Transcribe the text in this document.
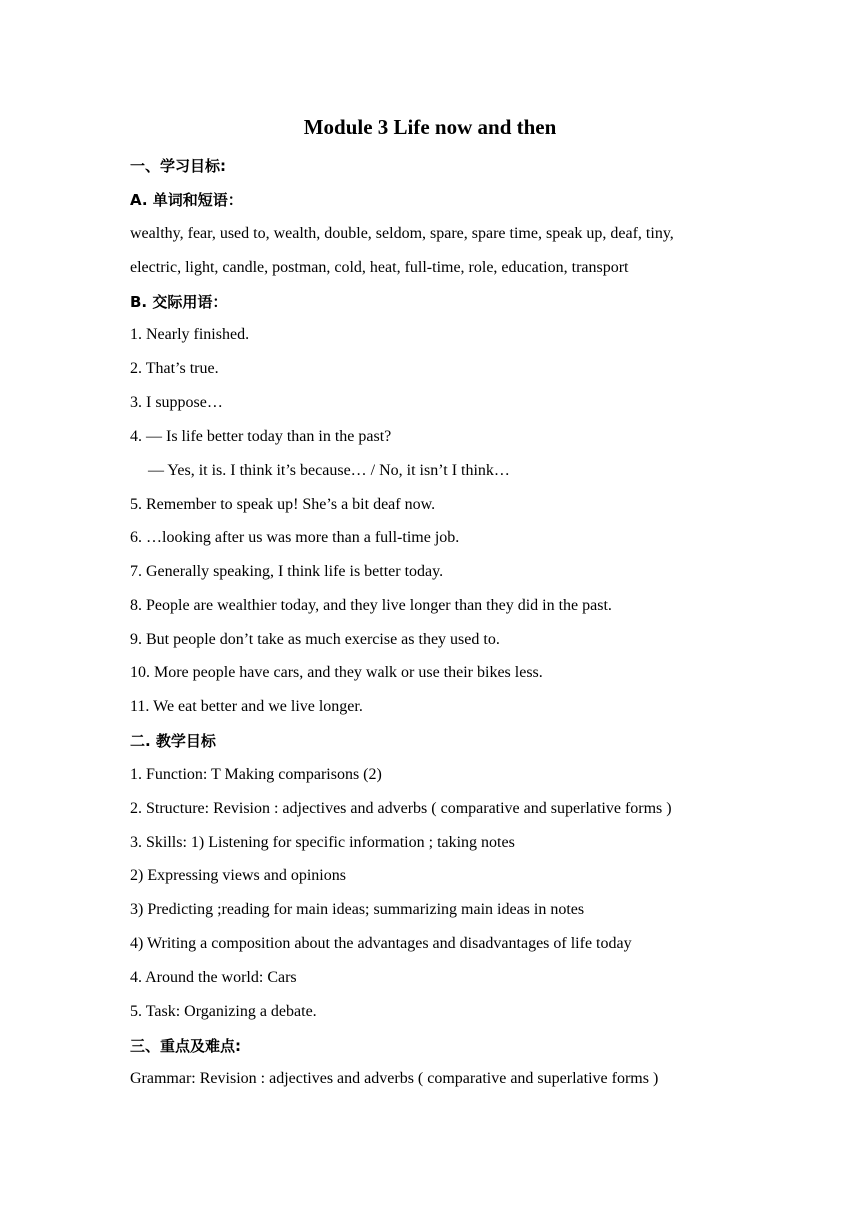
Module 3 Life now and then
一、学习目标:
A. 单词和短语：
wealthy, fear, used to, wealth, double, seldom, spare, spare time, speak up, deaf, tiny,
electric, light, candle, postman, cold, heat, full-time, role, education, transport
B. 交际用语：
1. Nearly finished.
2. That’s true.
3. I suppose…
4. — Is life better today than in the past?
— Yes, it is. I think it’s because… / No, it isn’t I think…
5. Remember to speak up! She’s a bit deaf now.
6. …looking after us was more than a full-time job.
7. Generally speaking, I think life is better today.
8. People are wealthier today, and they live longer than they did in the past.
9. But people don’t take as much exercise as they used to.
10. More people have cars, and they walk or use their bikes less.
11. We eat better and we live longer.
二. 教学目标
1. Function: T Making comparisons (2)
2. Structure: Revision : adjectives and adverbs ( comparative and superlative forms )
3. Skills: 1) Listening for specific information ; taking notes
2) Expressing views and opinions
3) Predicting ;reading for main ideas; summarizing main ideas in notes
4) Writing a composition about the advantages and disadvantages of life today
4. Around the world: Cars
5. Task: Organizing a debate.
三、重点及难点:
Grammar: Revision : adjectives and adverbs ( comparative and superlative forms )
